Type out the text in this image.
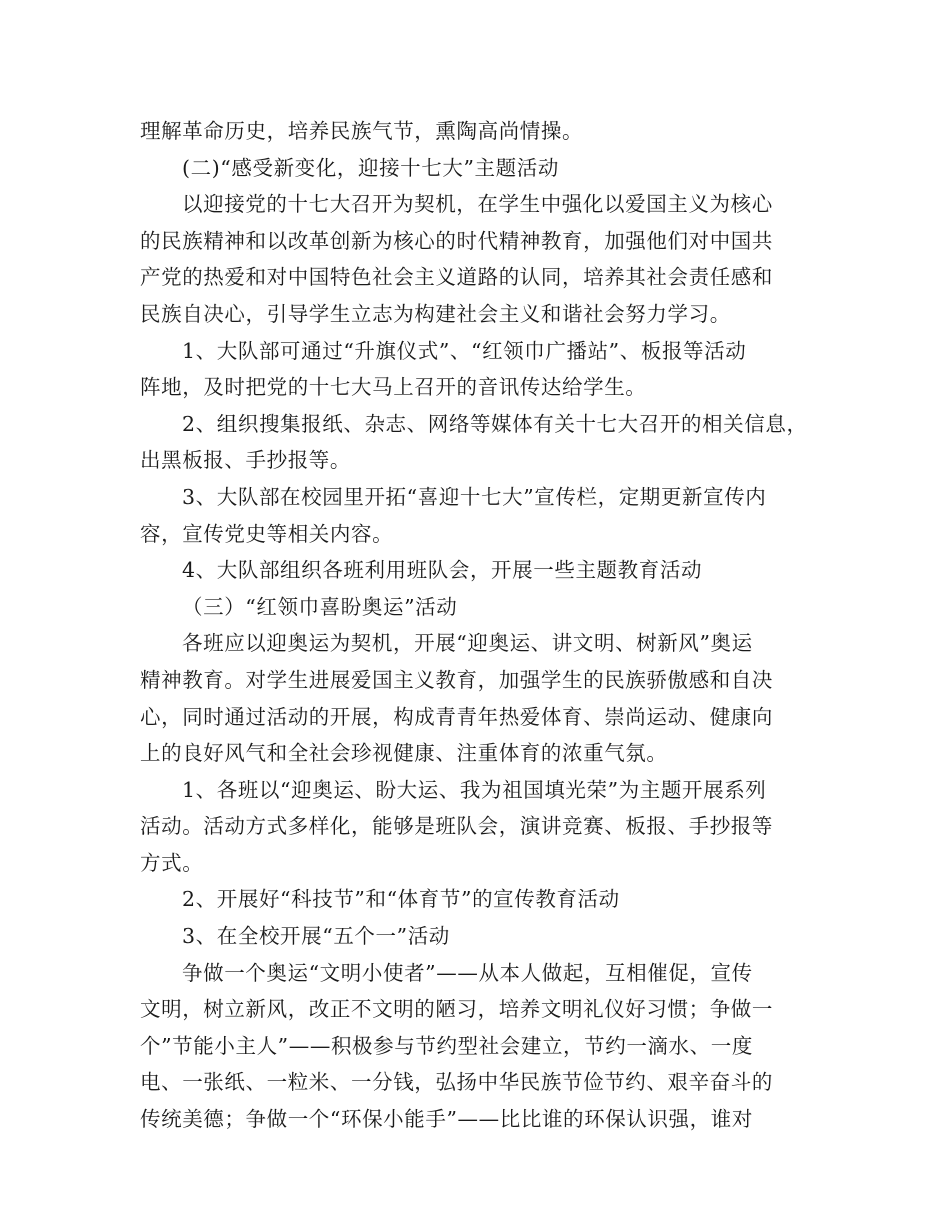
理解革命历史，培养民族气节，熏陶高尚情操。
(二)“感受新变化，迎接十七大”主题活动
以迎接党的十七大召开为契机，在学生中强化以爱国主义为核心
的民族精神和以改革创新为核心的时代精神教育，加强他们对中国共
产党的热爱和对中国特色社会主义道路的认同，培养其社会责任感和
民族自决心，引导学生立志为构建社会主义和谐社会努力学习。
1、大队部可通过“升旗仪式”、“红领巾广播站”、板报等活动
阵地，及时把党的十七大马上召开的音讯传达给学生。
2、组织搜集报纸、杂志、网络等媒体有关十七大召开的相关信息，
出黑板报、手抄报等。
3、大队部在校园里开拓“喜迎十七大”宣传栏，定期更新宣传内
容，宣传党史等相关内容。
4、大队部组织各班利用班队会，开展一些主题教育活动
（三）“红领巾喜盼奥运”活动
各班应以迎奥运为契机，开展“迎奥运、讲文明、树新风”奥运
精神教育。对学生进展爱国主义教育，加强学生的民族骄傲感和自决
心，同时通过活动的开展，构成青青年热爱体育、崇尚运动、健康向
上的良好风气和全社会珍视健康、注重体育的浓重气氛。
1、各班以“迎奥运、盼大运、我为祖国填光荣”为主题开展系列
活动。活动方式多样化，能够是班队会，演讲竞赛、板报、手抄报等
方式。
2、开展好“科技节”和“体育节”的宣传教育活动
3、在全校开展“五个一”活动
争做一个奥运“文明小使者”——从本人做起，互相催促，宣传
文明，树立新风，改正不文明的陋习，培养文明礼仪好习惯；争做一
个”节能小主人”——积极参与节约型社会建立，节约一滴水、一度
电、一张纸、一粒米、一分钱，弘扬中华民族节俭节约、艰辛奋斗的
传统美德；争做一个“环保小能手”——比比谁的环保认识强，谁对
